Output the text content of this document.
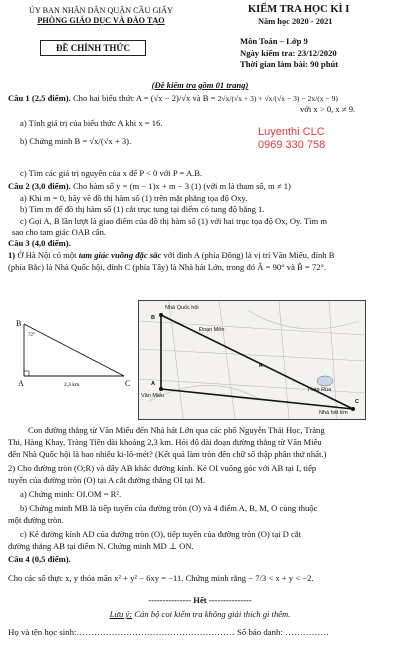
ỦY BAN NHÂN DÂN QUẬN CẦU GIẤY
PHÒNG GIÁO DỤC VÀ ĐÀO TẠO
ĐỀ CHÍNH THỨC
KIỂM TRA HỌC KÌ I
Năm học 2020 - 2021
Môn Toán – Lớp 9
Ngày kiểm tra: 23/12/2020
Thời gian làm bài: 90 phút
(Đề kiểm tra gồm 01 trang)
Câu 1 (2,5 điểm). Cho hai biểu thức A = (√x − 2)/√x và B = 2√x/(√x + 3) + √x/(√x − 3) − 2x/(x − 9)
với x > 0, x ≠ 9.
Luyenthi CLC
0969 330 758
a) Tính giá trị của biểu thức A khi x = 16.
b) Chứng minh B = √x/(√x + 3).
c) Tìm các giá trị nguyên của x để P < 0 với P = A.B.
Câu 2 (3,0 điểm). Cho hàm số y = (m − 1)x + m − 3 (1) (với m là tham số, m ≠ 1)
a) Khi m = 0, hãy vẽ đồ thị hàm số (1) trên mặt phẳng tọa độ Oxy.
b) Tìm m để đồ thị hàm số (1) cắt trục tung tại điểm có tung độ bằng 1.
c) Gọi A, B lần lượt là giao điểm của đồ thị hàm số (1) với hai trục tọa độ Ox, Oy. Tìm m
sao cho tam giác OAB cân.
Câu 3 (4,0 điểm).
1) Ở Hà Nội có một tam giác vuông đặc sắc với đỉnh A (phía Đông) là vị trí Văn Miếu, đỉnh B
(phía Bắc) là Nhà Quốc hội, đỉnh C (phía Tây) là Nhà hát Lớn, trong đó Â = 90° và B̂ = 72°.
B
72°
A	C
2,3 km
Nhà Quốc hội
B
Đoạn Môn
Văn Miếu
A
R
Tháp Rùa
C
Nhà hát lớn
Con đường thẳng từ Văn Miếu đến Nhà hát Lớn qua các phố Nguyễn Thái Học, Tràng
Thi, Hàng Khay, Tràng Tiền dài khoảng 2,3 km. Hỏi độ dài đoạn đường thẳng từ Văn Miếu
đến Nhà Quốc hội là bao nhiêu ki-lô-mét? (Kết quả làm tròn đến chữ số thập phân thứ nhất.)
2) Cho đường tròn (O;R) và dây AB khác đường kính. Kẻ OI vuông góc với AB tại I, tiếp
tuyến của đường tròn (O) tại A cắt đường thẳng OI tại M.
a) Chứng minh: OI.OM = R².
b) Chứng minh MB là tiếp tuyến của đường tròn (O) và 4 điểm A, B, M, O cùng thuộc
một đường tròn.
c) Kẻ đường kính AD của đường tròn (O), tiếp tuyến của đường tròn (O) tại D cắt
đường thẳng AB tại điểm N. Chứng minh MD ⊥ ON.
Câu 4 (0,5 điểm).
Cho các số thực x, y thỏa mãn x² + y² − 6xy = −11. Chứng minh rằng − 7/3 < x + y < −2.
--------------- Hết ---------------
Lưu ý: Cán bộ coi kiểm tra không giải thích gì thêm.
Họ và tên học sinh:……………………………………………… Số báo danh: ……………
